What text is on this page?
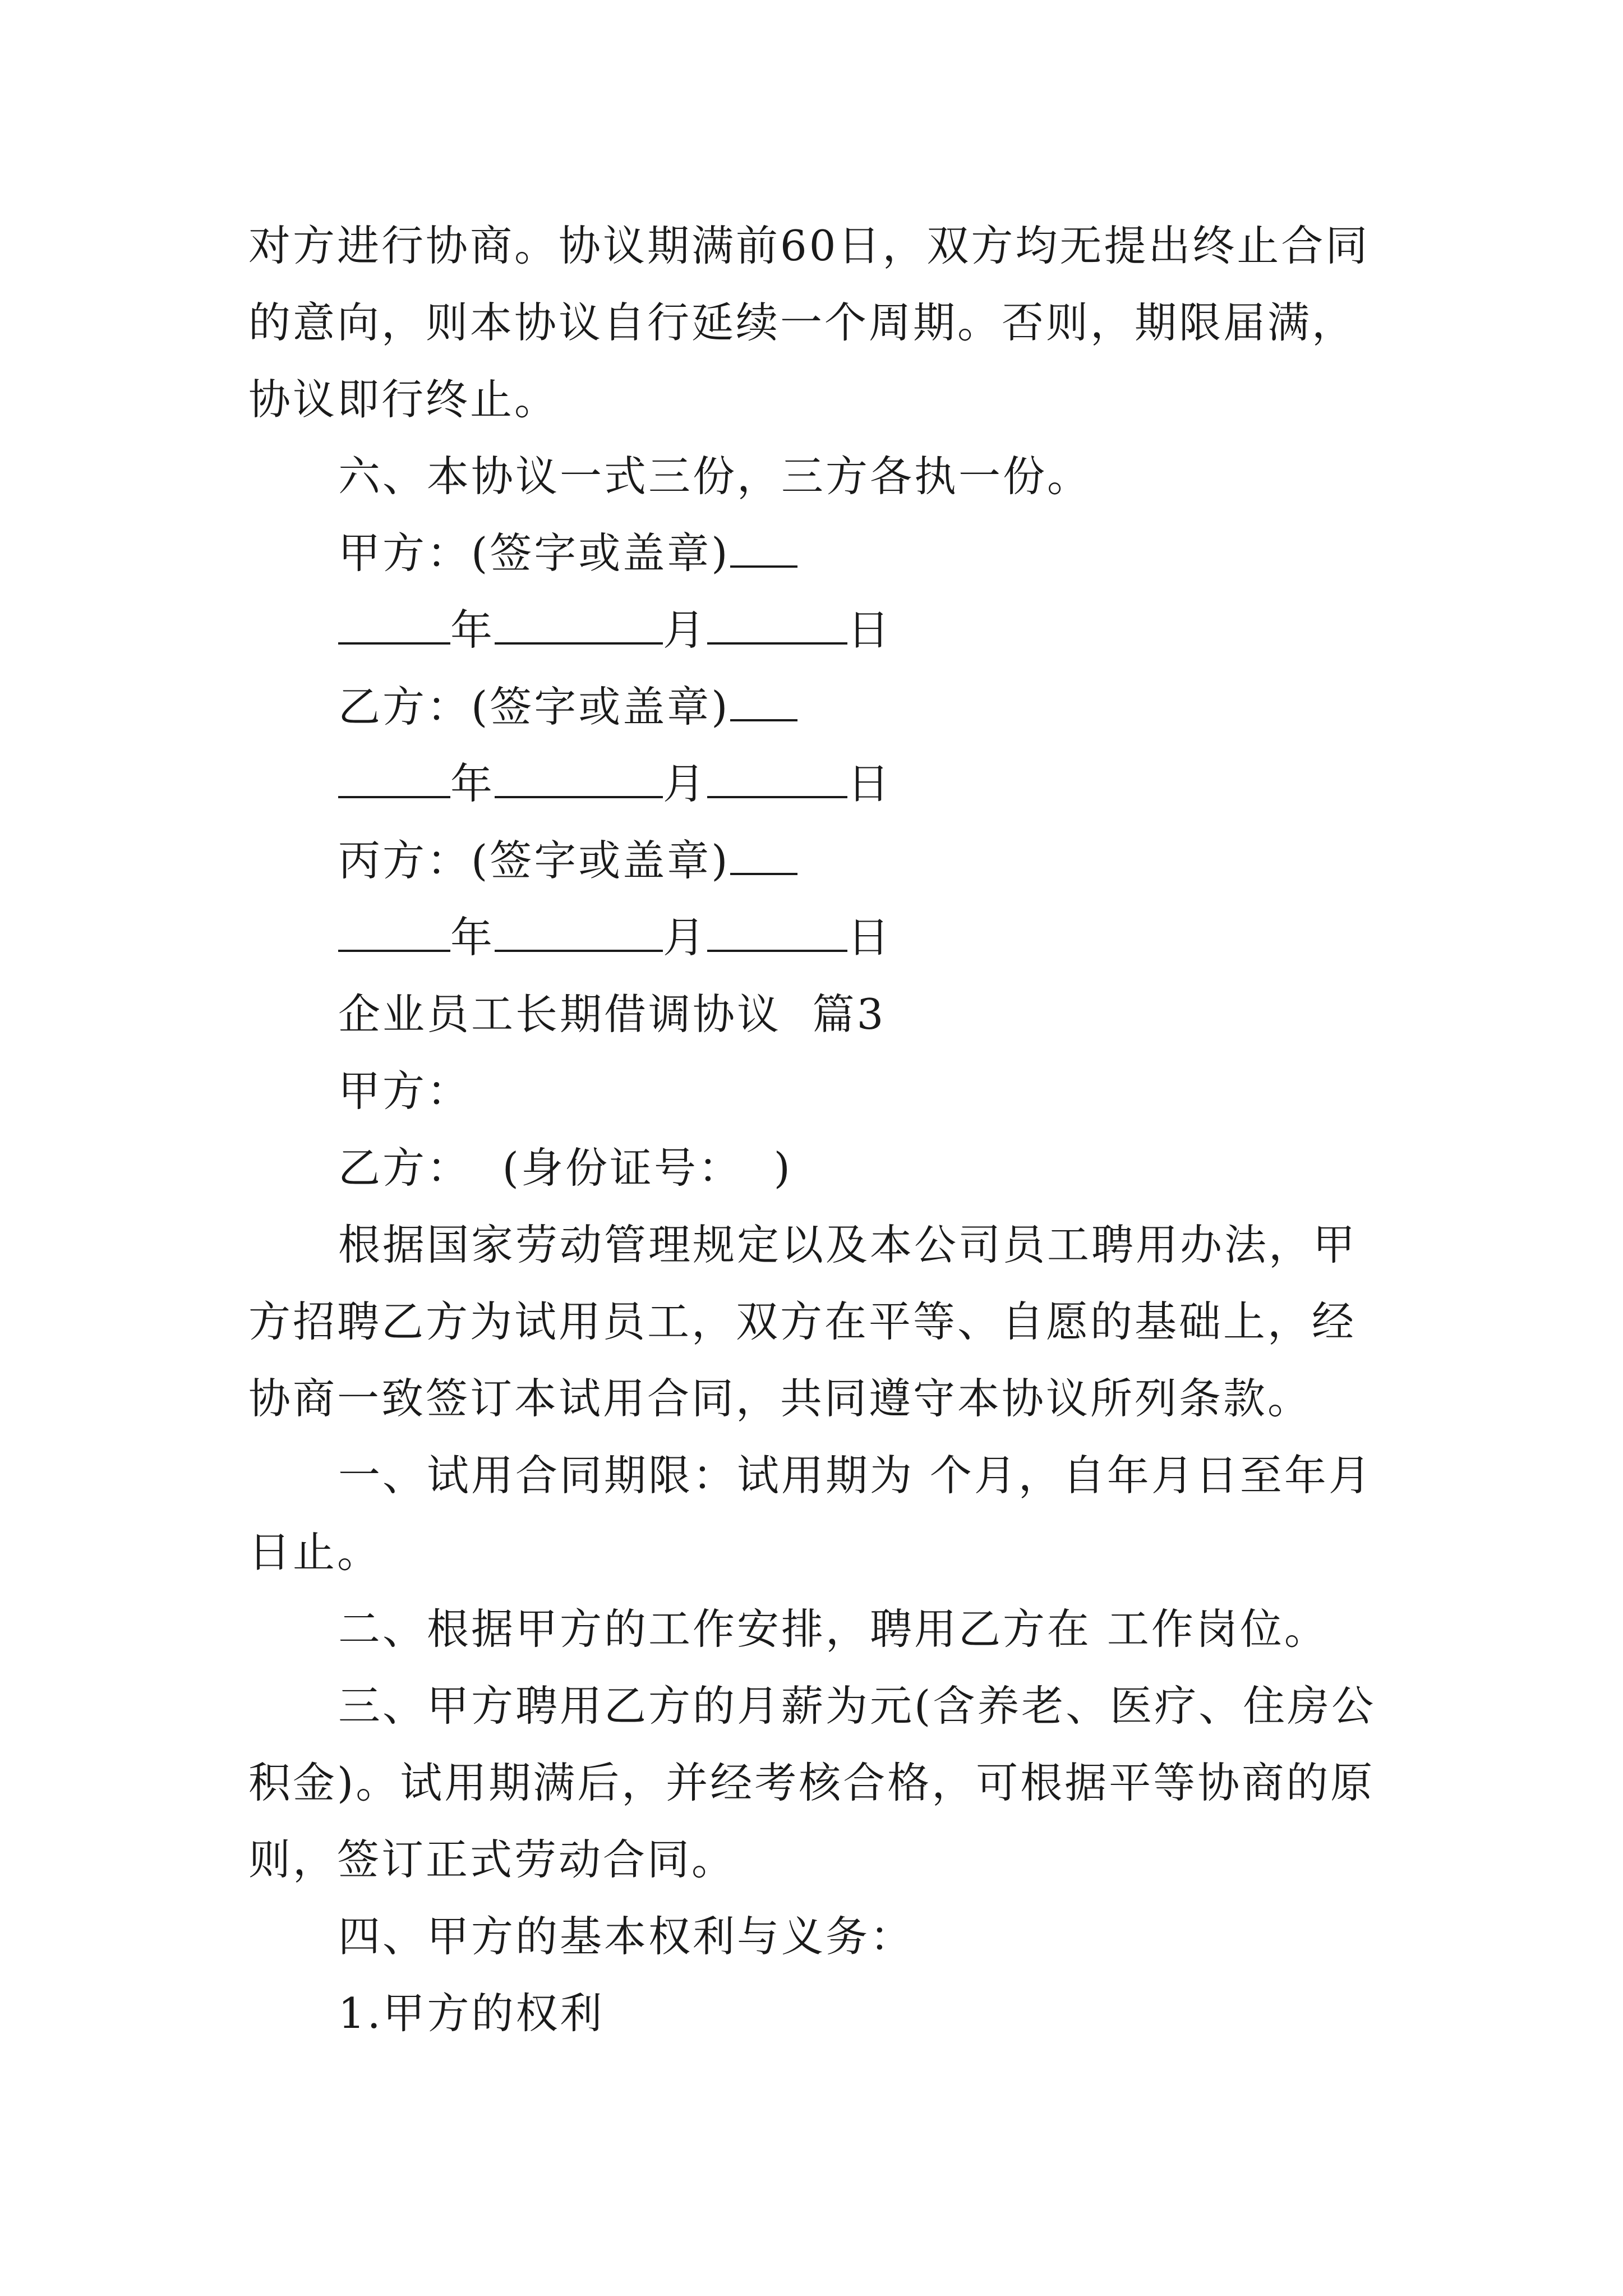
对方进行协商。协议期满前60日，双方均无提出终止合同的意向，则本协议自行延续一个周期。否则，期限届满，协议即行终止。

六、本协议一式三份，三方各执一份。

甲方：(签字或盖章)

年	月	日

乙方：(签字或盖章)

年	月	日

丙方：(签字或盖章)

年	月	日

企业员工长期借调协议  篇3

甲方：

乙方：  (身份证号：  )

根据国家劳动管理规定以及本公司员工聘用办法，甲方招聘乙方为试用员工，双方在平等、自愿的基础上，经协商一致签订本试用合同，共同遵守本协议所列条款。

一、试用合同期限：试用期为 个月，自年月日至年月日止。

二、根据甲方的工作安排，聘用乙方在 工作岗位。

三、甲方聘用乙方的月薪为元(含养老、医疗、住房公积金)。试用期满后，并经考核合格，可根据平等协商的原则，签订正式劳动合同。

四、甲方的基本权利与义务：

1.甲方的权利
